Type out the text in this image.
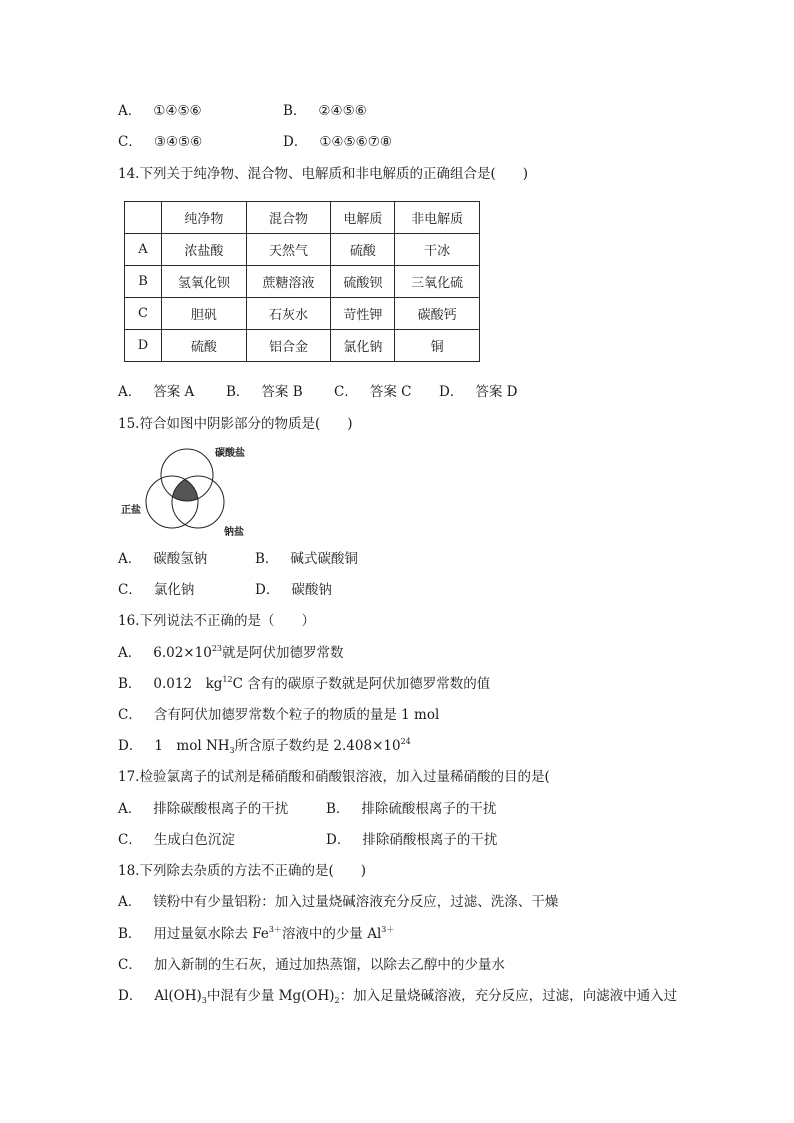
A． ①④⑤⑥	B． ②④⑤⑥
C． ③④⑤⑥	D． ①④⑤⑥⑦⑧
14.下列关于纯净物、混合物、电解质和非电解质的正确组合是(　　)
	纯净物	混合物	电解质	非电解质
A	浓盐酸	天然气	硫酸	干冰
B	氢氧化钡	蔗糖溶液	硫酸钡	三氧化硫
C	胆矾	石灰水	苛性钾	碳酸钙
D	硫酸	铝合金	氯化钠	铜
A． 答案 A B． 答案 B C． 答案 C D． 答案 D
15.符合如图中阴影部分的物质是(　　)
碳酸盐
正盐
钠盐
A． 碳酸氢钠	B． 碱式碳酸铜
C． 氯化钠	D． 碳酸钠
16.下列说法不正确的是（　　）
A． $6.02\times 10^{23}$就是阿伏加德罗常数
B． 0.012　$kg^{12}C$ 含有的碳原子数就是阿伏加德罗常数的值
C． 含有阿伏加德罗常数个粒子的物质的量是 1 mol
D． 1　mol $NH_3$所含原子数约是 $2.408\times 10^{24}$
17.检验氯离子的试剂是稀硝酸和硝酸银溶液，加入过量稀硝酸的目的是(
A． 排除碳酸根离子的干扰	B． 排除硫酸根离子的干扰
C． 生成白色沉淀	D． 排除硝酸根离子的干扰
18.下列除去杂质的方法不正确的是(　　)
A． 镁粉中有少量铝粉：加入过量烧碱溶液充分反应，过滤、洗涤、干燥
B． 用过量氨水除去 $Fe^{3+}$溶液中的少量 $Al^{3+}$
C． 加入新制的生石灰，通过加热蒸馏，以除去乙醇中的少量水
D． $Al(OH)_3$中混有少量 $Mg(OH)_2$：加入足量烧碱溶液，充分反应，过滤，向滤液中通入过
